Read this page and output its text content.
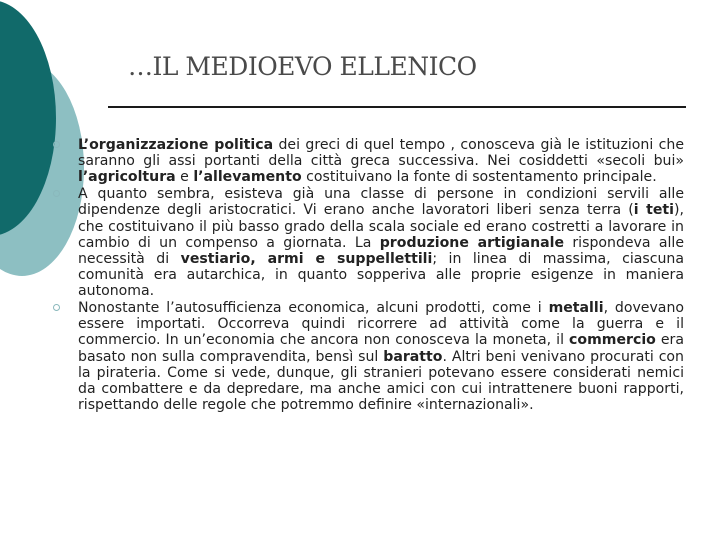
…IL MEDIOEVO ELLENICO
L’organizzazione politica dei greci di quel tempo , conosceva già le istituzioni che saranno gli assi portanti della città greca successiva. Nei cosiddetti «secoli bui» l’agricoltura e l’allevamento costituivano la fonte di sostentamento principale.
A quanto sembra, esisteva già una classe di persone in condizioni servili alle dipendenze degli aristocratici. Vi erano anche lavoratori liberi senza terra (i teti), che costituivano il più basso grado della scala sociale ed erano costretti a lavorare in cambio di un compenso a giornata. La produzione artigianale rispondeva alle necessità di vestiario, armi e suppellettili; in linea di massima, ciascuna comunità era autarchica, in quanto sopperiva alle proprie esigenze in maniera autonoma.
Nonostante l’autosufficienza economica, alcuni prodotti, come i metalli, dovevano essere importati. Occorreva quindi ricorrere ad attività come la guerra e il commercio. In un’economia che ancora non conosceva la moneta, il commercio era basato non sulla compravendita, bensì sul baratto. Altri beni venivano procurati con la pirateria. Come si vede, dunque, gli stranieri potevano essere considerati nemici da combattere e da depredare, ma anche amici con cui intrattenere buoni rapporti, rispettando delle regole che potremmo definire «internazionali».
